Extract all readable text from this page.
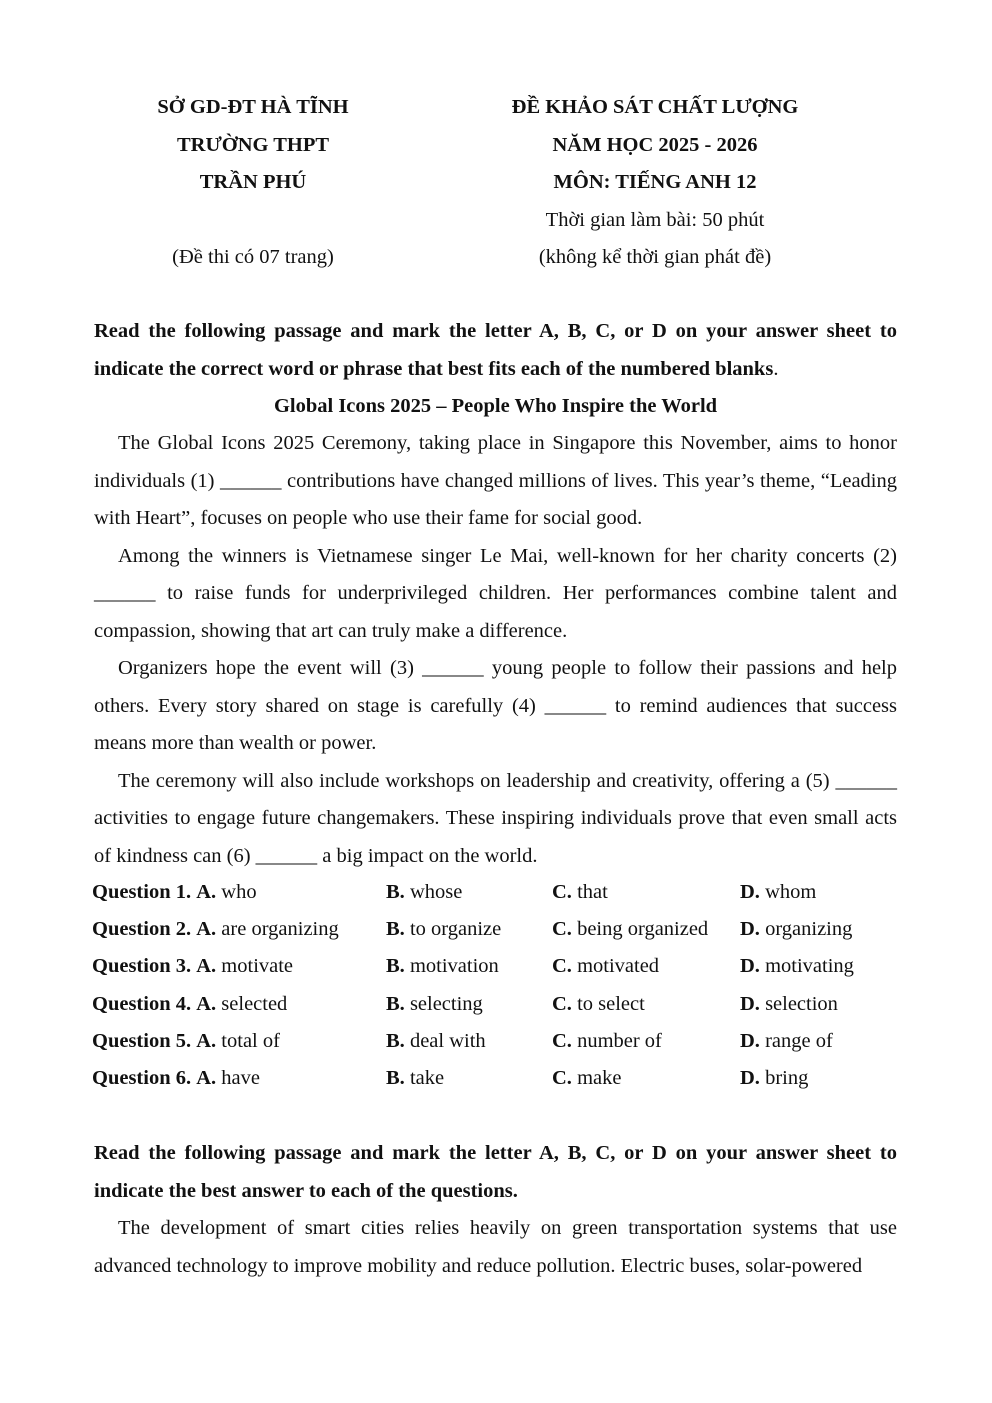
SỞ GD-ĐT HÀ TĨNH
TRƯỜNG THPT
TRẦN PHÚ
(Đề thi có 07 trang)
ĐỀ KHẢO SÁT CHẤT LƯỢNG
NĂM HỌC 2025 - 2026
MÔN: TIẾNG ANH 12
Thời gian làm bài: 50 phút
(không kể thời gian phát đề)
Read the following passage and mark the letter A, B, C, or D on your answer sheet to indicate the correct word or phrase that best fits each of the numbered blanks.
Global Icons 2025 – People Who Inspire the World

The Global Icons 2025 Ceremony, taking place in Singapore this November, aims to honor individuals (1) ______ contributions have changed millions of lives. This year’s theme, “Leading with Heart”, focuses on people who use their fame for social good.

Among the winners is Vietnamese singer Le Mai, well-known for her charity concerts (2) ______ to raise funds for underprivileged children. Her performances combine talent and compassion, showing that art can truly make a difference.

Organizers hope the event will (3) ______ young people to follow their passions and help others. Every story shared on stage is carefully (4) ______ to remind audiences that success means more than wealth or power.

The ceremony will also include workshops on leadership and creativity, offering a (5) ______ activities to engage future changemakers. These inspiring individuals prove that even small acts of kindness can (6) ______ a big impact on the world.

Question 1. A. who	B. whose	C. that	D. whom
Question 2. A. are organizing B. to organize C. being organized D. organizing
Question 3. A. motivate	B. motivation	C. motivated	D. motivating
Question 4. A. selected	B. selecting	C. to select	D. selection
Question 5. A. total of	B. deal with	C. number of	D. range of
Question 6. A. have	B. take	C. make	D. bring
Read the following passage and mark the letter A, B, C, or D on your answer sheet to indicate the best answer to each of the questions.

The development of smart cities relies heavily on green transportation systems that use advanced technology to improve mobility and reduce pollution. Electric buses, solar-powered
